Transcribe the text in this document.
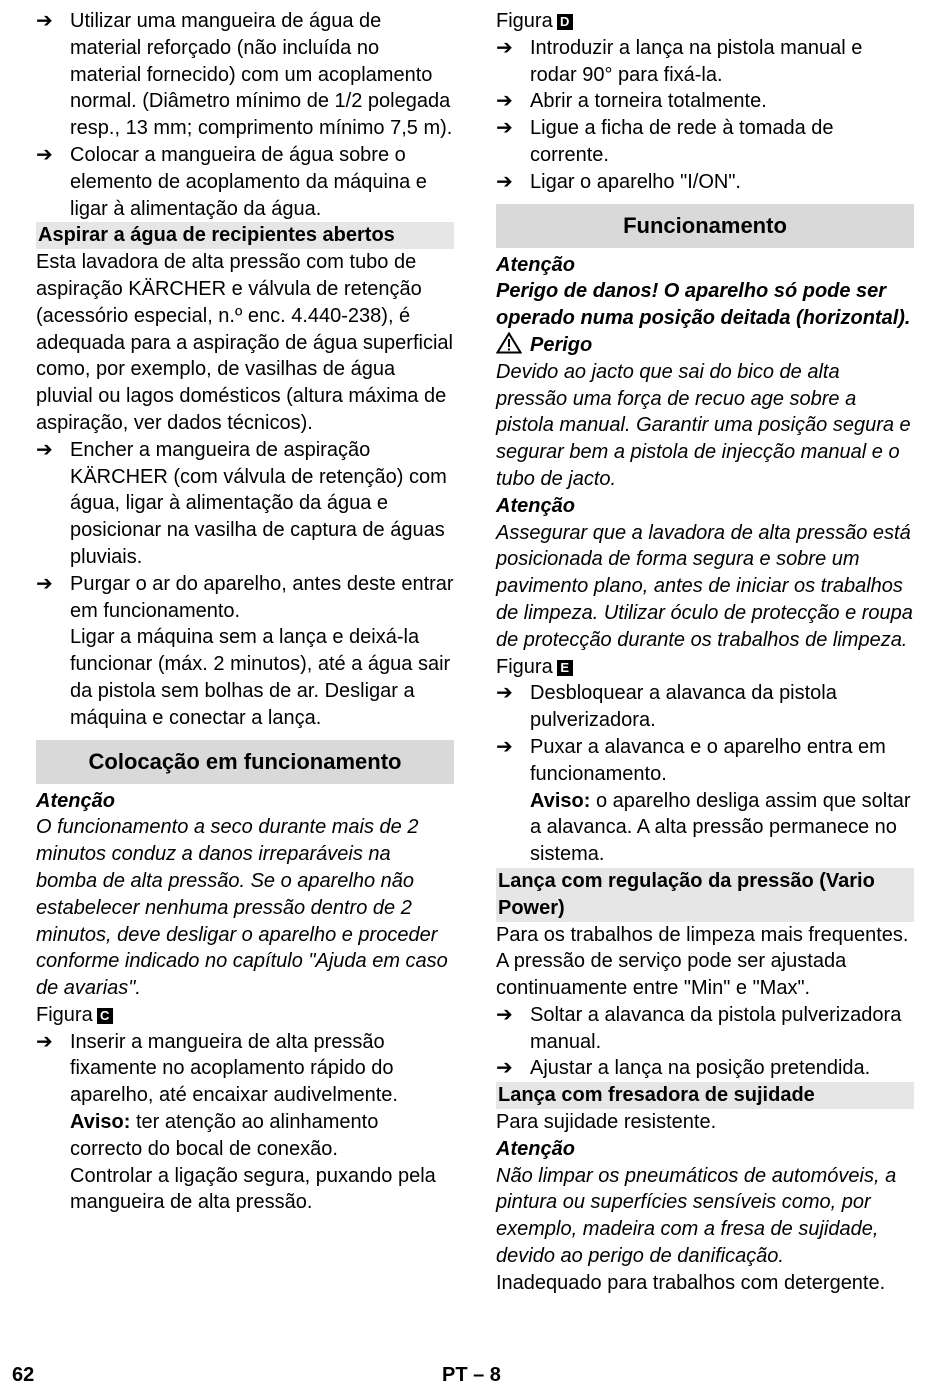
➔ Utilizar uma mangueira de água de material reforçado (não incluída no material fornecido) com um acoplamento normal. (Diâmetro mínimo de 1/2 polegada resp., 13 mm; comprimento mínimo 7,5 m).

➔ Colocar a mangueira de água sobre o elemento de acoplamento da máquina e ligar à alimentação da água.

Aspirar a água de recipientes abertos

Esta lavadora de alta pressão com tubo de aspiração KÄRCHER e válvula de retenção (acessório especial, n.º enc. 4.440-238), é adequada para a aspiração de água superficial como, por exemplo, de vasilhas de água pluvial ou lagos domésticos (altura máxima de aspiração, ver dados técnicos).

➔ Encher a mangueira de aspiração KÄRCHER (com válvula de retenção) com água, ligar à alimentação da água e posicionar na vasilha de captura de águas pluviais.

➔ Purgar o ar do aparelho, antes deste entrar em funcionamento.

Ligar a máquina sem a lança e deixá-la funcionar (máx. 2 minutos), até a água sair da pistola sem bolhas de ar. Desligar a máquina e conectar a lança.

Colocação em funcionamento

Atenção

O funcionamento a seco durante mais de 2 minutos conduz a danos irreparáveis na bomba de alta pressão. Se o aparelho não estabelecer nenhuma pressão dentro de 2 minutos, deve desligar o aparelho e proceder conforme indicado no capítulo "Ajuda em caso de avarias".

Figura C

➔ Inserir a mangueira de alta pressão fixamente no acoplamento rápido do aparelho, até encaixar audivelmente.

Aviso: ter atenção ao alinhamento correcto do bocal de conexão.

Controlar a ligação segura, puxando pela mangueira de alta pressão.

Figura D

➔ Introduzir a lança na pistola manual e rodar 90° para fixá-la.

➔ Abrir a torneira totalmente.

➔ Ligue a ficha de rede à tomada de corrente.

➔ Ligar o aparelho "I/ON".

Funcionamento

Atenção

Perigo de danos! O aparelho só pode ser operado numa posição deitada (horizontal).

Perigo

Devido ao jacto que sai do bico de alta pressão uma força de recuo age sobre a pistola manual. Garantir uma posição segura e segurar bem a pistola de injecção manual e o tubo de jacto.

Atenção

Assegurar que a lavadora de alta pressão está posicionada de forma segura e sobre um pavimento plano, antes de iniciar os trabalhos de limpeza. Utilizar óculo de protecção e roupa de protecção durante os trabalhos de limpeza.

Figura E

➔ Desbloquear a alavanca da pistola pulverizadora.

➔ Puxar a alavanca e o aparelho entra em funcionamento.

Aviso: o aparelho desliga assim que soltar a alavanca. A alta pressão permanece no sistema.

Lança com regulação da pressão (Vario Power)

Para os trabalhos de limpeza mais frequentes. A pressão de serviço pode ser ajustada continuamente entre "Min" e "Max".

➔ Soltar a alavanca da pistola pulverizadora manual.

➔ Ajustar a lança na posição pretendida.

Lança com fresadora de sujidade

Para sujidade resistente.

Atenção

Não limpar os pneumáticos de automóveis, a pintura ou superfícies sensíveis como, por exemplo, madeira com a fresa de sujidade, devido ao perigo de danificação.

Inadequado para trabalhos com detergente.

62	PT – 8
